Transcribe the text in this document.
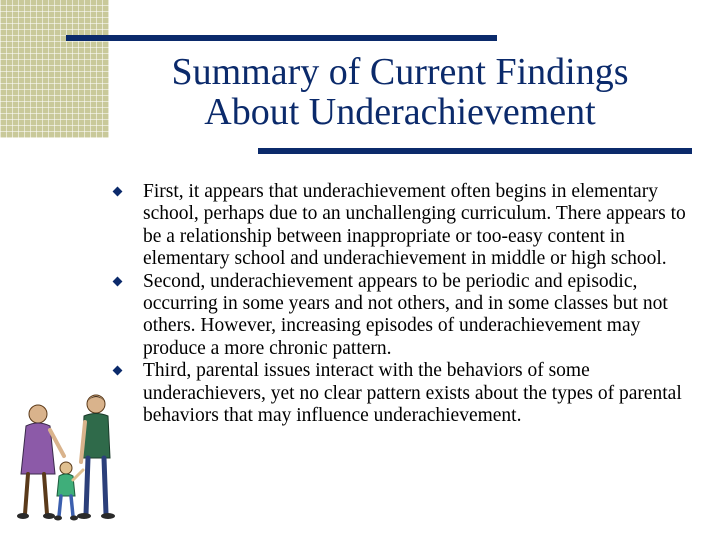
Summary of Current Findings
About Underachievement
First, it appears that underachievement often begins in elementary school, perhaps due to an unchallenging curriculum. There appears to be a relationship between inappropriate or too-easy content in elementary school and underachievement in middle or high school.
Second, underachievement appears to be periodic and episodic, occurring in some years and not others, and in some classes but not others. However, increasing episodes of underachievement may produce a more chronic pattern.
Third, parental issues interact with the behaviors of some underachievers, yet no clear pattern exists about the types of parental behaviors that may influence underachievement.
